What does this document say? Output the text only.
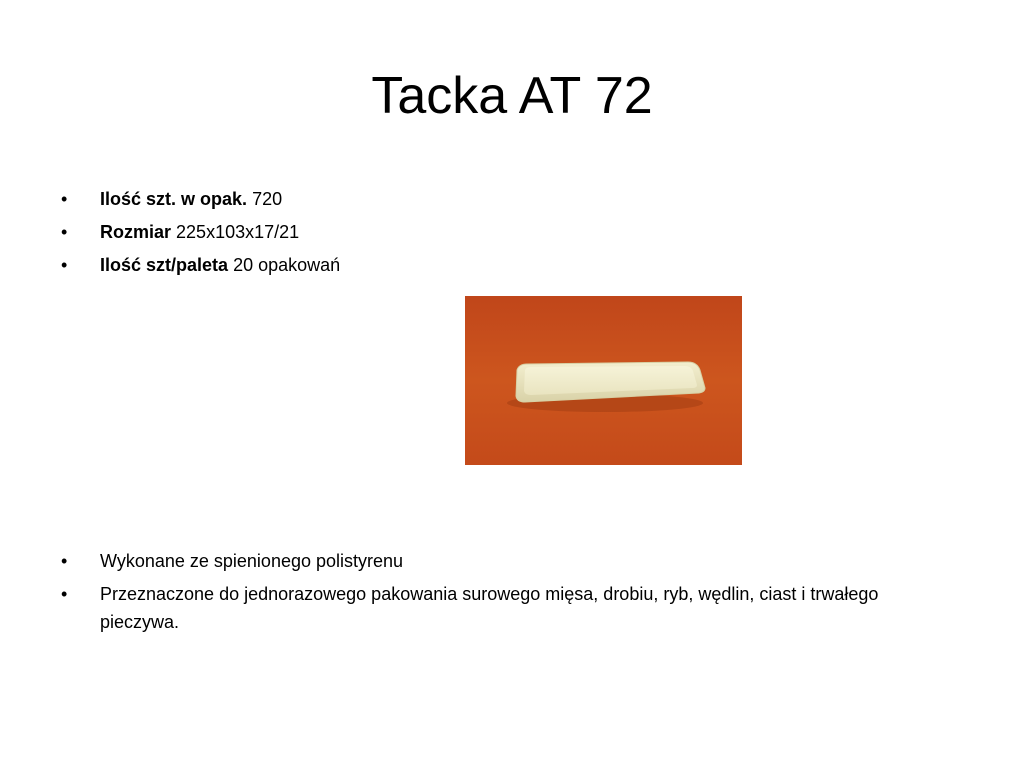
Tacka AT 72
• Ilość szt. w opak. 720
• Rozmiar 225x103x17/21
• Ilość szt/paleta 20 opakowań
• Wykonane ze spienionego polistyrenu
• Przeznaczone do jednorazowego pakowania surowego mięsa, drobiu, ryb, wędlin, ciast i trwałego pieczywa.
